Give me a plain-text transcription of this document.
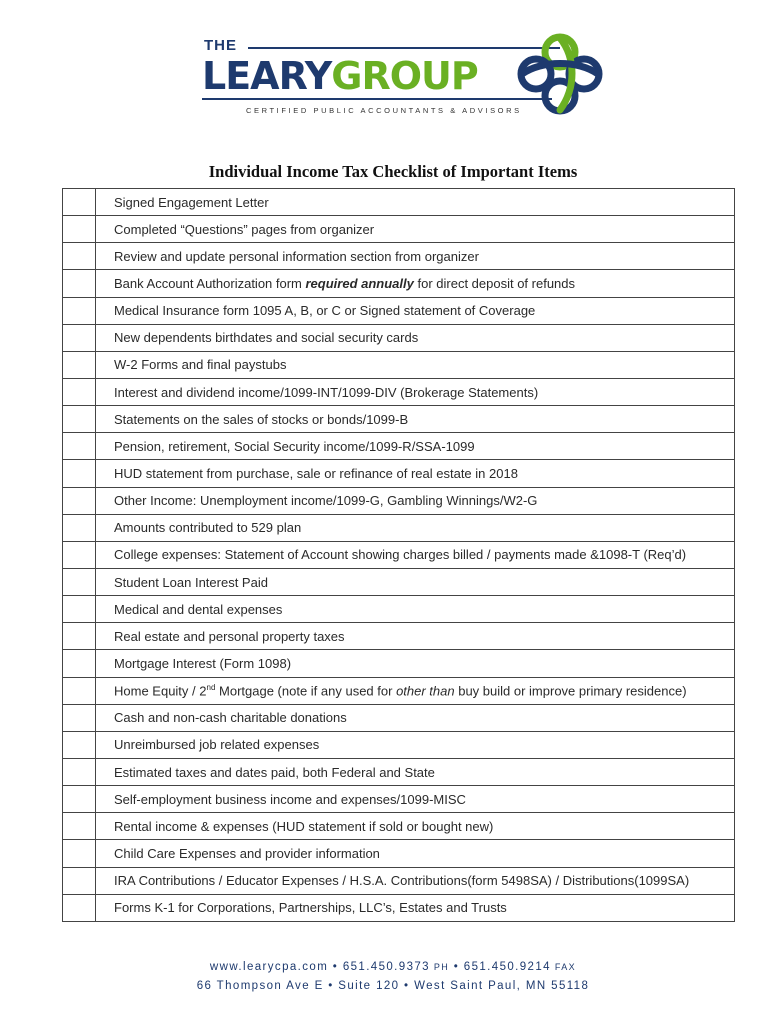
THE
LEARYGROUP
CERTIFIED PUBLIC ACCOUNTANTS & ADVISORS
Individual Income Tax Checklist of Important Items
	Signed Engagement Letter
	Completed “Questions” pages from organizer
	Review and update personal information section from organizer
	Bank Account Authorization form required annually for direct deposit of refunds
	Medical Insurance form 1095 A, B, or C or Signed statement of Coverage
	New dependents birthdates and social security cards
	W-2 Forms and final paystubs
	Interest and dividend income/1099-INT/1099-DIV (Brokerage Statements)
	Statements on the sales of stocks or bonds/1099-B
	Pension, retirement, Social Security income/1099-R/SSA-1099
	HUD statement from purchase, sale or refinance of real estate in 2018
	Other Income: Unemployment income/1099-G, Gambling Winnings/W2-G
	Amounts contributed to 529 plan
	College expenses: Statement of Account showing charges billed / payments made &1098-T (Req’d)
	Student Loan Interest Paid
	Medical and dental expenses
	Real estate and personal property taxes
	Mortgage Interest (Form 1098)
	Home Equity / 2nd Mortgage (note if any used for other than buy build or improve primary residence)
	Cash and non-cash charitable donations
	Unreimbursed job related expenses
	Estimated taxes and dates paid, both Federal and State
	Self-employment business income and expenses/1099-MISC
	Rental income & expenses (HUD statement if sold or bought new)
	Child Care Expenses and provider information
	IRA Contributions / Educator Expenses / H.S.A. Contributions(form 5498SA) / Distributions(1099SA)
	Forms K-1 for Corporations, Partnerships, LLC’s, Estates and Trusts
www.learycpa.com • 651.450.9373 PH • 651.450.9214 FAX
66 Thompson Ave E • Suite 120 • West Saint Paul, MN 55118
